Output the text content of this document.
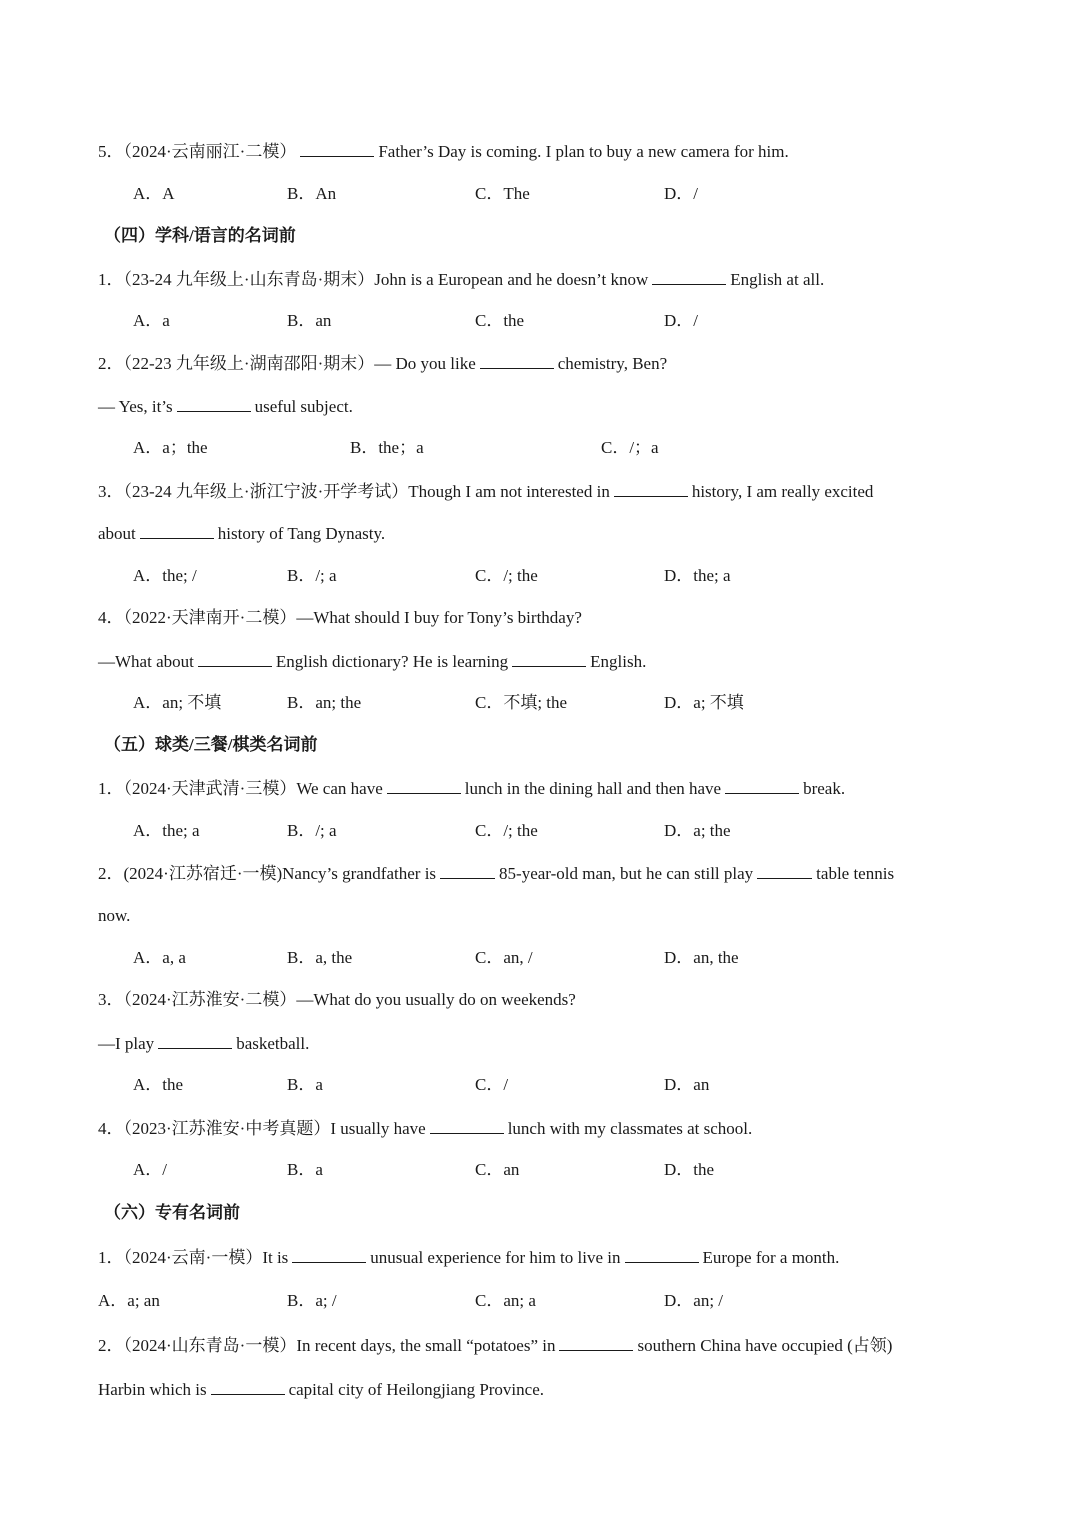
5．（2024·云南丽江·二模）	Father’s Day is coming. I plan to buy a new camera for him.
A．A	B．An	C．The	D．/
（四）学科/语言的名词前
1．（23-24 九年级上·山东青岛·期末）John is a European and he doesn’t know	English at all.
A．a	B．an	C．the	D．/
2．（22-23 九年级上·湖南邵阳·期末）— Do you like	chemistry, Ben?
— Yes, it’s	useful subject.
A．a；the	B．the；a	C．/；a
3．（23-24 九年级上·浙江宁波·开学考试）Though I am not interested in	history, I am really excited
about	history of Tang Dynasty.
A．the; /	B．/; a	C．/; the	D．the; a
4．（2022·天津南开·二模）—What should I buy for Tony’s birthday?
—What about	English dictionary? He is learning	English.
A．an; 不填	B．an; the	C．不填; the	D．a; 不填
（五）球类/三餐/棋类名词前
1．（2024·天津武清·三模）We can have	lunch in the dining hall and then have	break.
A．the; a	B．/; a	C．/; the	D．a; the
2．(2024·江苏宿迁·一模)Nancy’s grandfather is	85-year-old man, but he can still play	table tennis
now.
A．a, a	B．a, the	C．an, /	D．an, the
3．（2024·江苏淮安·二模）—What do you usually do on weekends?
—I play	basketball.
A．the	B．a	C．/	D．an
4．（2023·江苏淮安·中考真题）I usually have	lunch with my classmates at school.
A．/	B．a	C．an	D．the
（六）专有名词前
1．（2024·云南·一模）It is	unusual experience for him to live in	Europe for a month.
A．a; an	B．a; /	C．an; a	D．an; /
2．（2024·山东青岛·一模）In recent days, the small “potatoes” in	southern China have occupied (占领)
Harbin which is	capital city of Heilongjiang Province.
